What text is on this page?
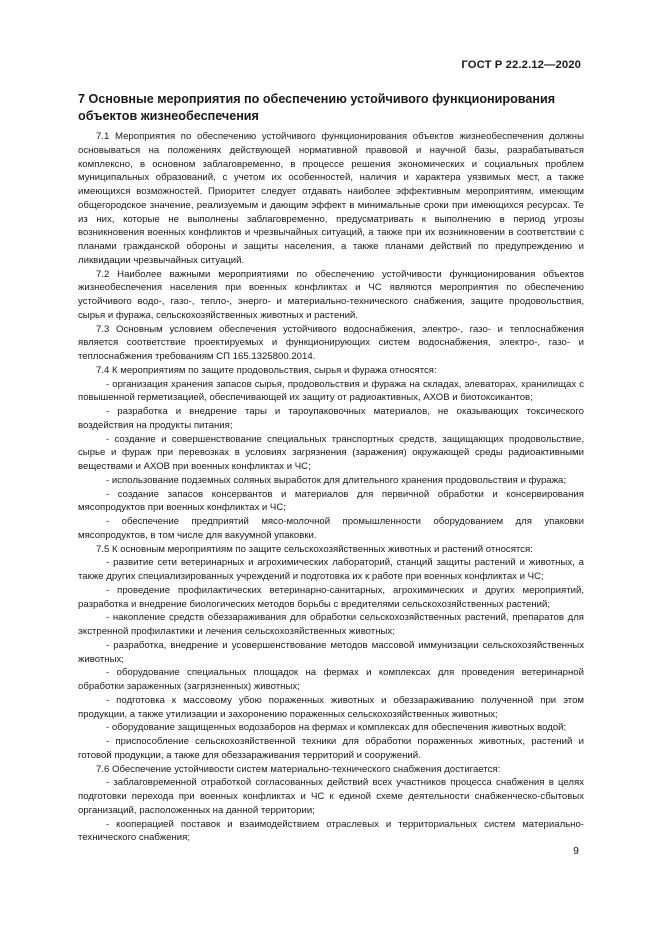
ГОСТ Р 22.2.12—2020
7 Основные мероприятия по обеспечению устойчивого функционирования объектов жизнеобеспечения

7.1 Мероприятия по обеспечению устойчивого функционирования объектов жизнеобеспечения должны основываться на положениях действующей нормативной правовой и научной базы, разрабатываться комплексно, в основном заблаговременно, в процессе решения экономических и социальных проблем муниципальных образований, с учетом их особенностей, наличия и характера уязвимых мест, а также имеющихся возможностей. Приоритет следует отдавать наиболее эффективным мероприятиям, имеющим общегородское значение, реализуемым и дающим эффект в минимальные сроки при имеющихся ресурсах. Те из них, которые не выполнены заблаговременно, предусматривать к выполнению в период угрозы возникновения военных конфликтов и чрезвычайных ситуаций, а также при их возникновении в соответствии с планами гражданской обороны и защиты населения, а также планами действий по предупреждению и ликвидации чрезвычайных ситуаций.

7.2 Наиболее важными мероприятиями по обеспечению устойчивости функционирования объектов жизнеобеспечения населения при военных конфликтах и ЧС являются мероприятия по обеспечению устойчивого водо-, газо-, тепло-, энерго- и материально-технического снабжения, защите продовольствия, сырья и фуража, сельскохозяйственных животных и растений.

7.3 Основным условием обеспечения устойчивого водоснабжения, электро-, газо- и теплоснабжения является соответствие проектируемых и функционирующих систем водоснабжения, электро-, газо- и теплоснабжения требованиям СП 165.1325800.2014.

7.4 К мероприятиям по защите продовольствия, сырья и фуража относятся:

- организация хранения запасов сырья, продовольствия и фуража на складах, элеваторах, хранилищах с повышенной герметизацией, обеспечивающей их защиту от радиоактивных, АХОВ и биотоксикантов;

- разработка и внедрение тары и тароупаковочных материалов, не оказывающих токсического воздействия на продукты питания;

- создание и совершенствование специальных транспортных средств, защищающих продовольствие, сырье и фураж при перевозках в условиях загрязнения (заражения) окружающей среды радиоактивными веществами и АХОВ при военных конфликтах и ЧС;

- использование подземных соляных выработок для длительного хранения продовольствия и фуража;

- создание запасов консервантов и материалов для первичной обработки и консервирования мясопродуктов при военных конфликтах и ЧС;

- обеспечение предприятий мясо-молочной промышленности оборудованием для упаковки мясопродуктов, в том числе для вакуумной упаковки.

7.5 К основным мероприятиям по защите сельскохозяйственных животных и растений относятся:

- развитие сети ветеринарных и агрохимических лабораторий, станций защиты растений и животных, а также других специализированных учреждений и подготовка их к работе при военных конфликтах и ЧС;

- проведение профилактических ветеринарно-санитарных, агрохимических и других мероприятий, разработка и внедрение биологических методов борьбы с вредителями сельскохозяйственных растений;

- накопление средств обеззараживания для обработки сельскохозяйственных растений, препаратов для экстренной профилактики и лечения сельскохозяйственных животных;

- разработка, внедрение и усовершенствование методов массовой иммунизации сельскохозяйственных животных;

- оборудование специальных площадок на фермах и комплексах для проведения ветеринарной обработки зараженных (загрязненных) животных;

- подготовка к массовому убою пораженных животных и обеззараживанию полученной при этом продукции, а также утилизации и захоронению пораженных сельскохозяйственных животных;

- оборудование защищенных водозаборов на фермах и комплексах для обеспечения животных водой;

- приспособление сельскохозяйственной техники для обработки пораженных животных, растений и готовой продукции, а также для обеззараживания территорий и сооружений.

7.6 Обеспечение устойчивости систем материально-технического снабжения достигается:

- заблаговременной отработкой согласованных действий всех участников процесса снабжения в целях подготовки перехода при военных конфликтах и ЧС к единой схеме деятельности снабженческо-сбытовых организаций, расположенных на данной территории;

- кооперацией поставок и взаимодействием отраслевых и территориальных систем материально-технического снабжения;

9
